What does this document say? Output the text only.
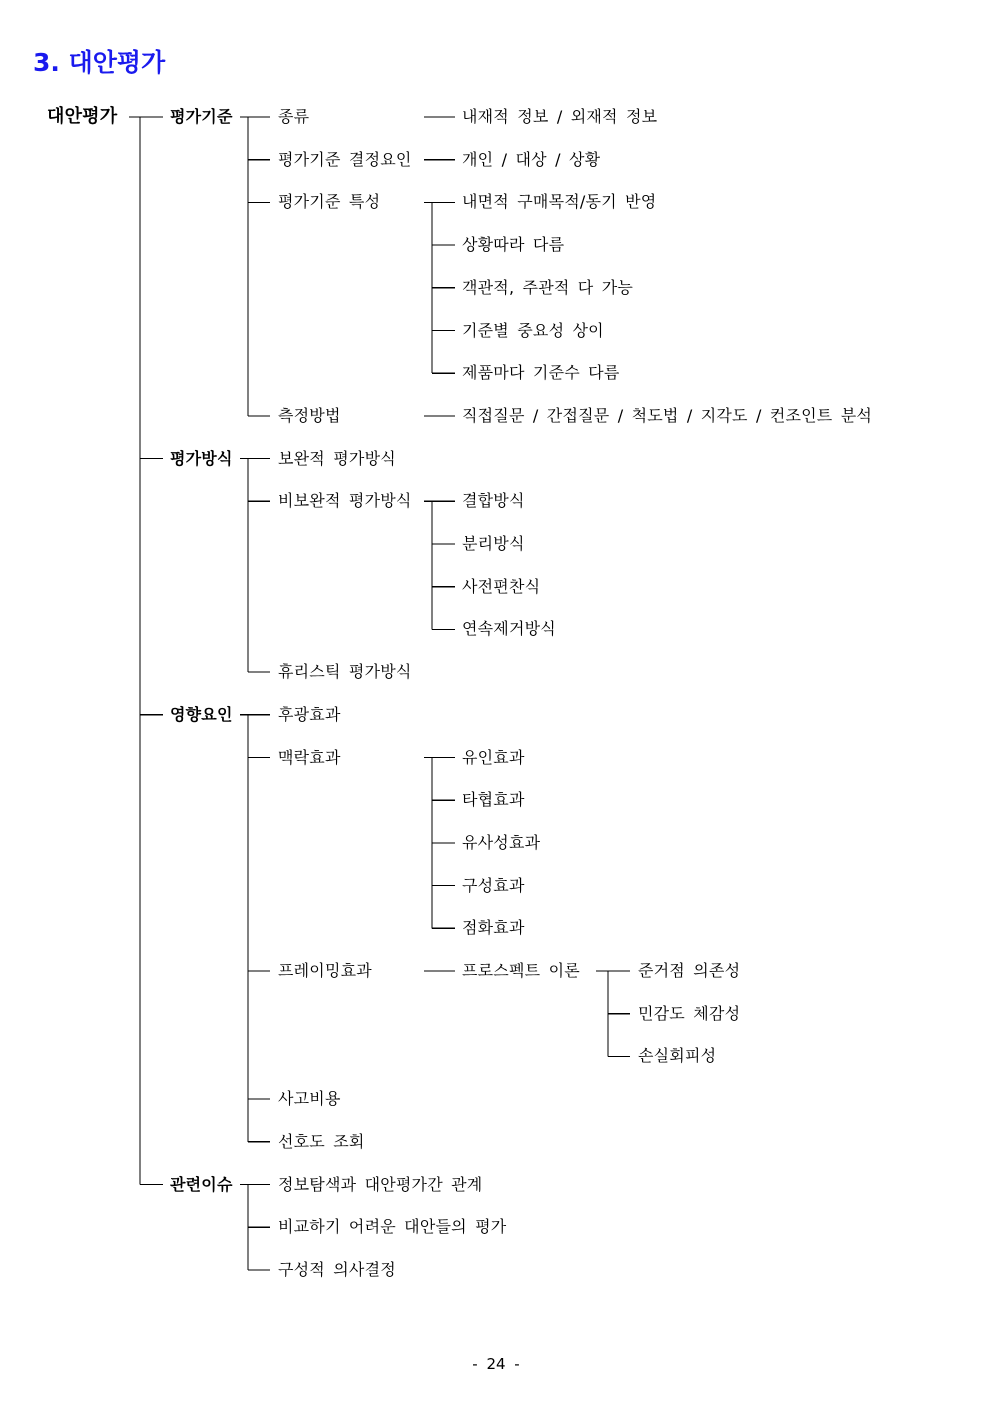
3. 대안평가
대안평가	평가기준	종류	내재적 정보 / 외재적 정보
평가기준 결정요인	개인 / 대상 / 상황
평가기준 특성	내면적 구매목적/동기 반영
상황따라 다름
객관적, 주관적 다 가능
기준별 중요성 상이
제품마다 기준수 다름
측정방법	직접질문 / 간접질문 / 척도법 / 지각도 / 컨조인트 분석
평가방식	보완적 평가방식
비보완적 평가방식	결합방식
분리방식
사전편찬식
연속제거방식
휴리스틱 평가방식
영향요인	후광효과
맥락효과	유인효과
타협효과
유사성효과
구성효과
점화효과
프레이밍효과	프로스펙트 이론	준거점 의존성
민감도 체감성
손실회피성
사고비용
선호도 조회
관련이슈	정보탐색과 대안평가간 관계
비교하기 어려운 대안들의 평가
구성적 의사결정
- 24 -
